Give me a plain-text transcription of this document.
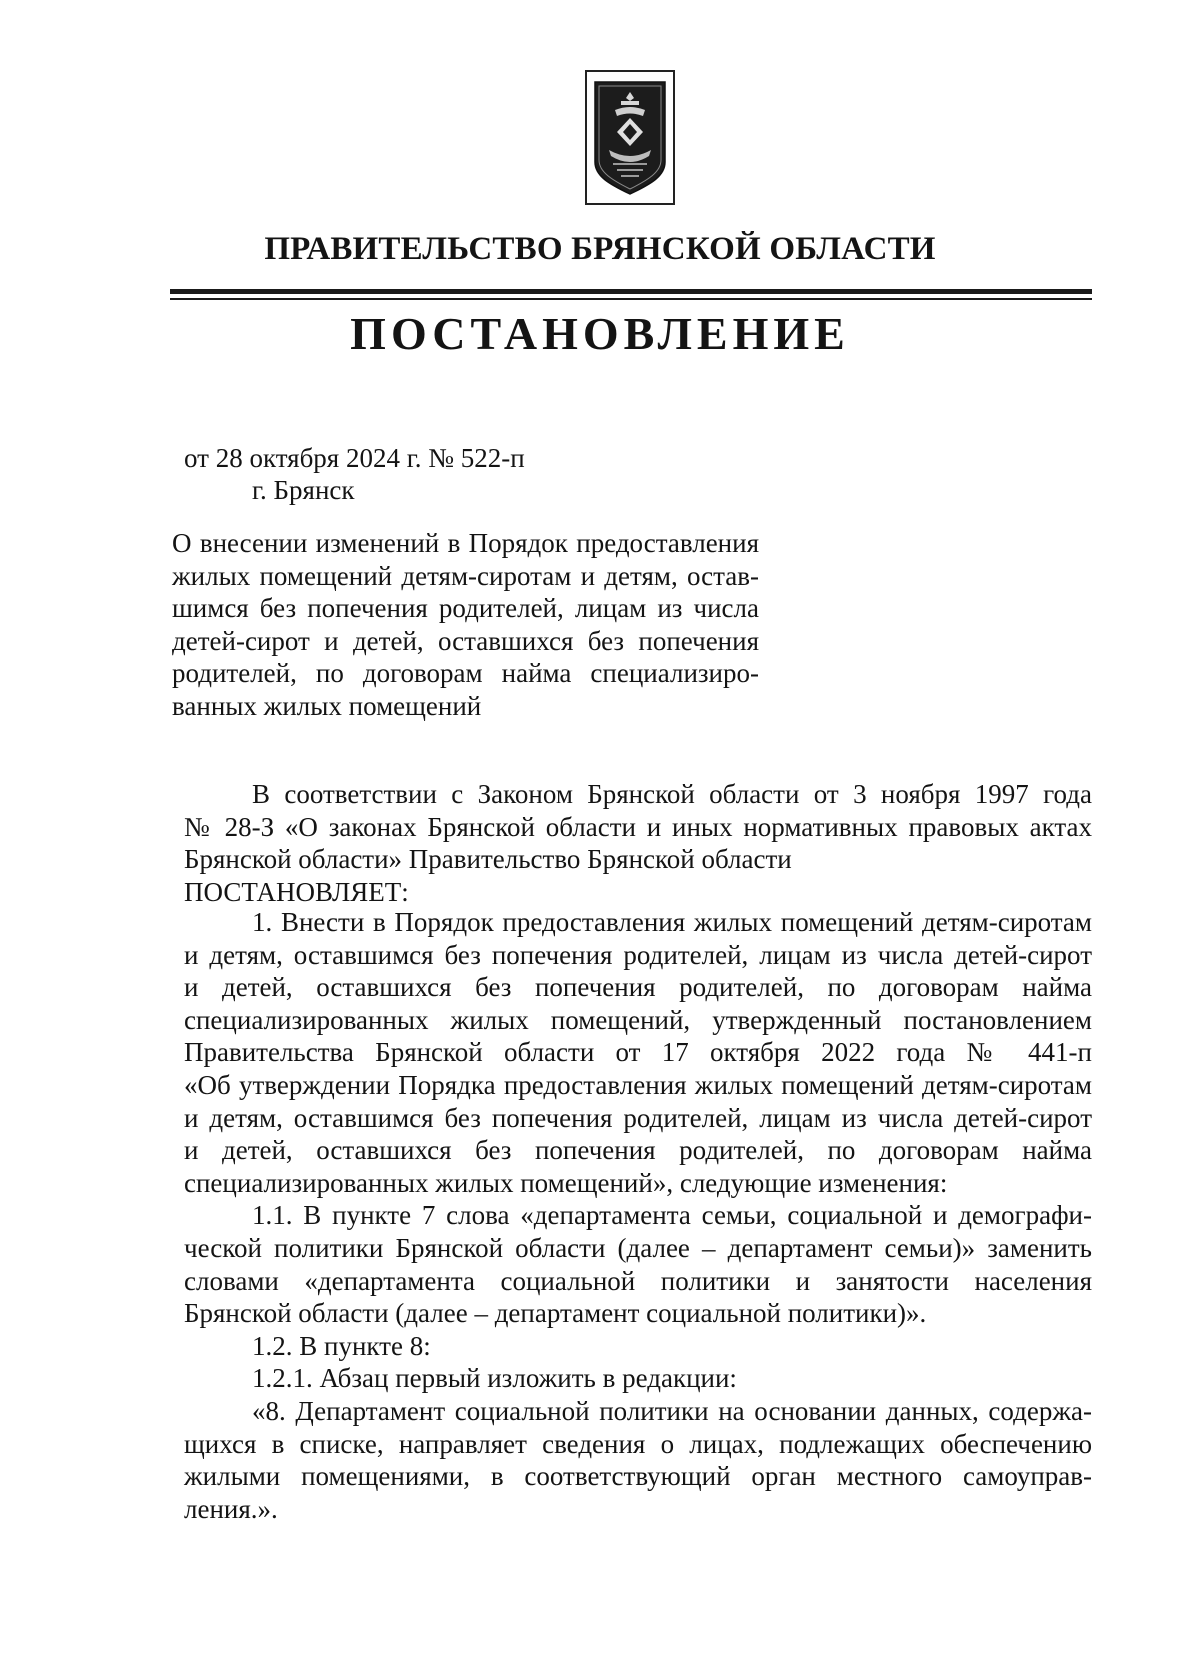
ПРАВИТЕЛЬСТВО БРЯНСКОЙ ОБЛАСТИ
ПОСТАНОВЛЕНИЕ
от 28 октября 2024 г. № 522-п
г. Брянск
О внесении изменений в Порядок предоставления
жилых помещений детям-сиротам и детям, остав-
шимся без попечения родителей, лицам из числа
детей-сирот и детей, оставшихся без попечения
родителей, по договорам найма специализиро-
ванных жилых помещений
В соответствии с Законом Брянской области от 3 ноября 1997 года
№ 28-З «О законах Брянской области и иных нормативных правовых актах
Брянской области» Правительство Брянской области
ПОСТАНОВЛЯЕТ:
1. Внести в Порядок предоставления жилых помещений детям-сиротам
и детям, оставшимся без попечения родителей, лицам из числа детей-сирот
и детей, оставшихся без попечения родителей, по договорам найма
специализированных жилых помещений, утвержденный постановлением
Правительства Брянской области от 17 октября 2022 года № 441-п
«Об утверждении Порядка предоставления жилых помещений детям-сиротам
и детям, оставшимся без попечения родителей, лицам из числа детей-сирот
и детей, оставшихся без попечения родителей, по договорам найма
специализированных жилых помещений», следующие изменения:
1.1. В пункте 7 слова «департамента семьи, социальной и демографи-
ческой политики Брянской области (далее – департамент семьи)» заменить
словами «департамента социальной политики и занятости населения
Брянской области (далее – департамент социальной политики)».
1.2. В пункте 8:
1.2.1. Абзац первый изложить в редакции:
«8. Департамент социальной политики на основании данных, содержа-
щихся в списке, направляет сведения о лицах, подлежащих обеспечению
жилыми помещениями, в соответствующий орган местного самоуправ-
ления.».
